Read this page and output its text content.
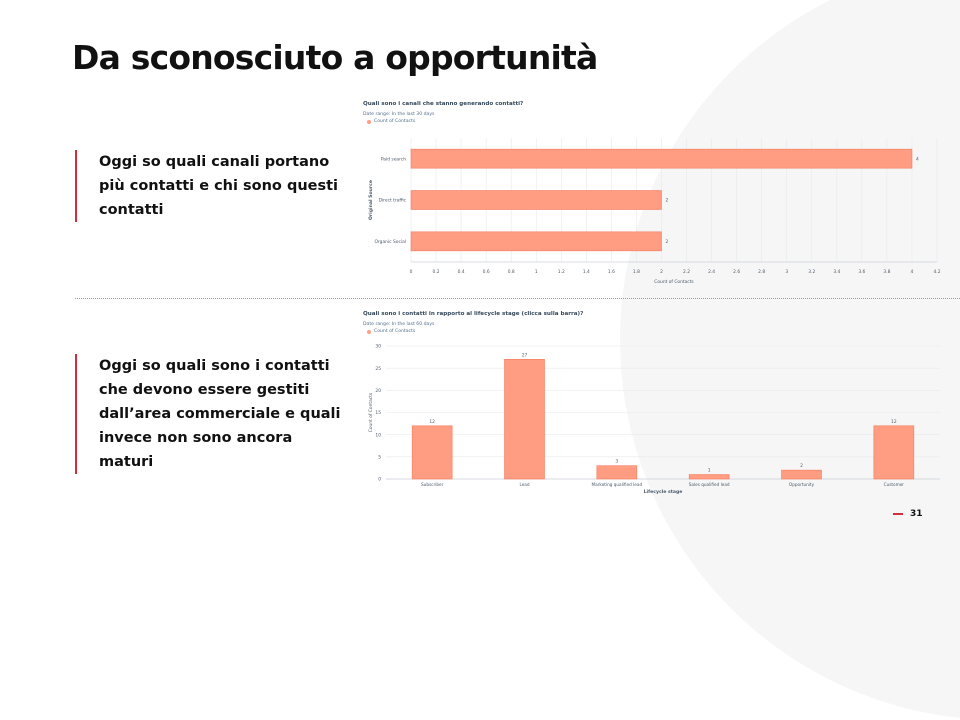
Da sconosciuto a opportunità
Oggi so quali canali portano più contatti e chi sono questi contatti
Oggi so quali sono i contatti che devono essere gestiti dall’area commerciale e quali invece non sono ancora maturi
Quali sono i canali che stanno generando contatti?
Date range: In the last 30 days
Count of Contacts
0	0.2	0.4	0.6	0.8	1	1.2	1.4	1.6	1.8	2	2.2	2.4	2.6	2.8	3	3.2	3.4	3.6	3.8	4	4.2
Paid search	4
Direct traffic	2
Organic Social	2
Count of Contacts
Original Source
Quali sono i contatti in rapporto al lifecycle stage (clicca sulla barra)?
Date range: In the last 60 days
Count of Contacts
0
5
10
15
20
25
30
12
Subscriber
27
Lead
3
Marketing qualified lead
1
Sales qualified lead
2
Opportunity
12
Customer
Lifecycle stage
Count of Contacts
31
